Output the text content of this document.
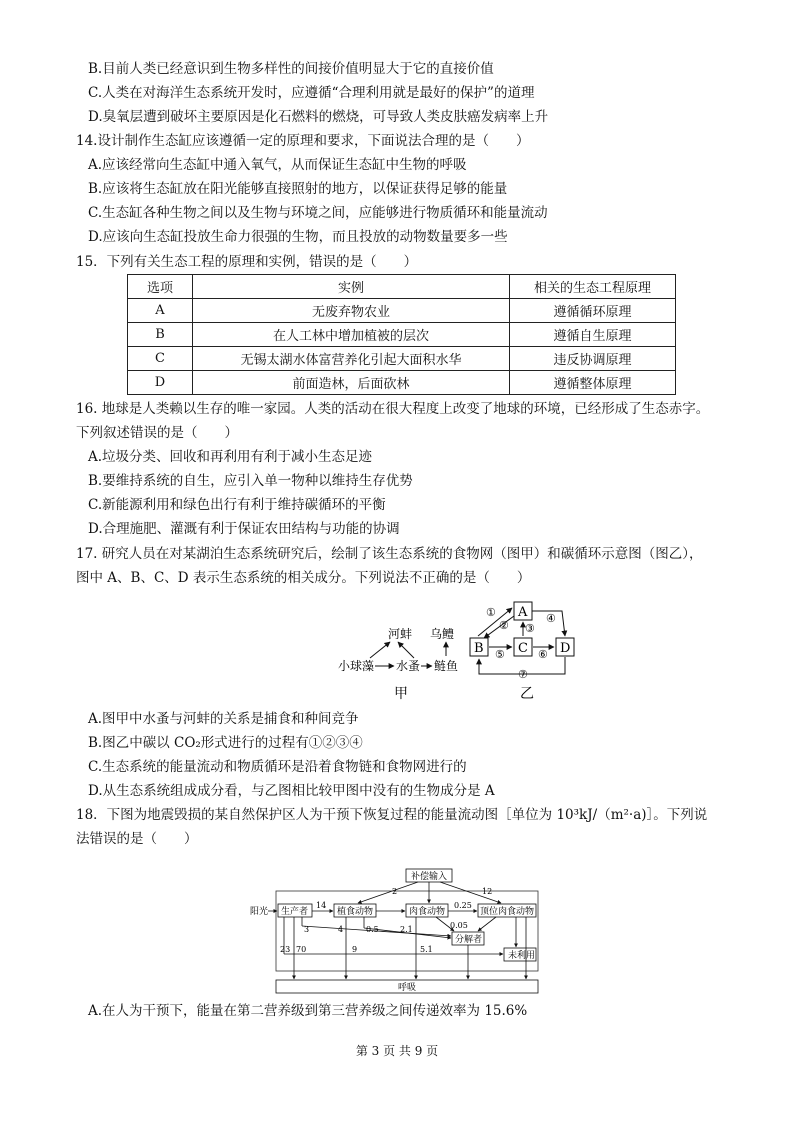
B.目前人类已经意识到生物多样性的间接价值明显大于它的直接价值
C.人类在对海洋生态系统开发时，应遵循“合理利用就是最好的保护”的道理
D.臭氧层遭到破坏主要原因是化石燃料的燃烧，可导致人类皮肤癌发病率上升
14.设计制作生态缸应该遵循一定的原理和要求，下面说法合理的是（　　）
A.应该经常向生态缸中通入氧气，从而保证生态缸中生物的呼吸
B.应该将生态缸放在阳光能够直接照射的地方，以保证获得足够的能量
C.生态缸各种生物之间以及生物与环境之间，应能够进行物质循环和能量流动
D.应该向生态缸投放生命力很强的生物，而且投放的动物数量要多一些
15．下列有关生态工程的原理和实例，错误的是（　　）
选项	实例	相关的生态工程原理
A	无废弃物农业	遵循循环原理
B	在人工林中增加植被的层次	遵循自生原理
C	无锡太湖水体富营养化引起大面积水华	违反协调原理
D	前面造林，后面砍林	遵循整体原理
16. 地球是人类赖以生存的唯一家园。人类的活动在很大程度上改变了地球的环境，已经形成了生态赤字。
下列叙述错误的是（　　）
A.垃圾分类、回收和再利用有利于减小生态足迹
B.要维持系统的自生，应引入单一物种以维持生存优势
C.新能源利用和绿色出行有利于维持碳循环的平衡
D.合理施肥、灌溉有利于保证农田结构与功能的协调
17. 研究人员在对某湖泊生态系统研究后，绘制了该生态系统的食物网（图甲）和碳循环示意图（图乙），
图中 A、B、C、D 表示生态系统的相关成分。下列说法不正确的是（　　）
小球藻 水蚤 鲢鱼
河蚌 乌鳢
甲
A
B	C D
①
② ③
④
⑤	⑥
⑦
乙
A.图甲中水蚤与河蚌的关系是捕食和种间竞争
B.图乙中碳以 CO₂形式进行的过程有①②③④
C.生态系统的能量流动和物质循环是沿着食物链和食物网进行的
D.从生态系统组成成分看，与乙图相比较甲图中没有的生物成分是 A
18．下图为地震毁损的某自然保护区人为干预下恢复过程的能量流动图［单位为 10³kJ/（m²·a)］。下列说
法错误的是（　　）
补偿输入
生产者	植食动物	肉食动物	顶位肉食动物
分解者
未利用
呼吸
阳光
14
2	12
0.25
0.05
3	4	0.5	2.1
23 70	9	5.1
A.在人为干预下，能量在第二营养级到第三营养级之间传递效率为 15.6%
第 3 页 共 9 页
